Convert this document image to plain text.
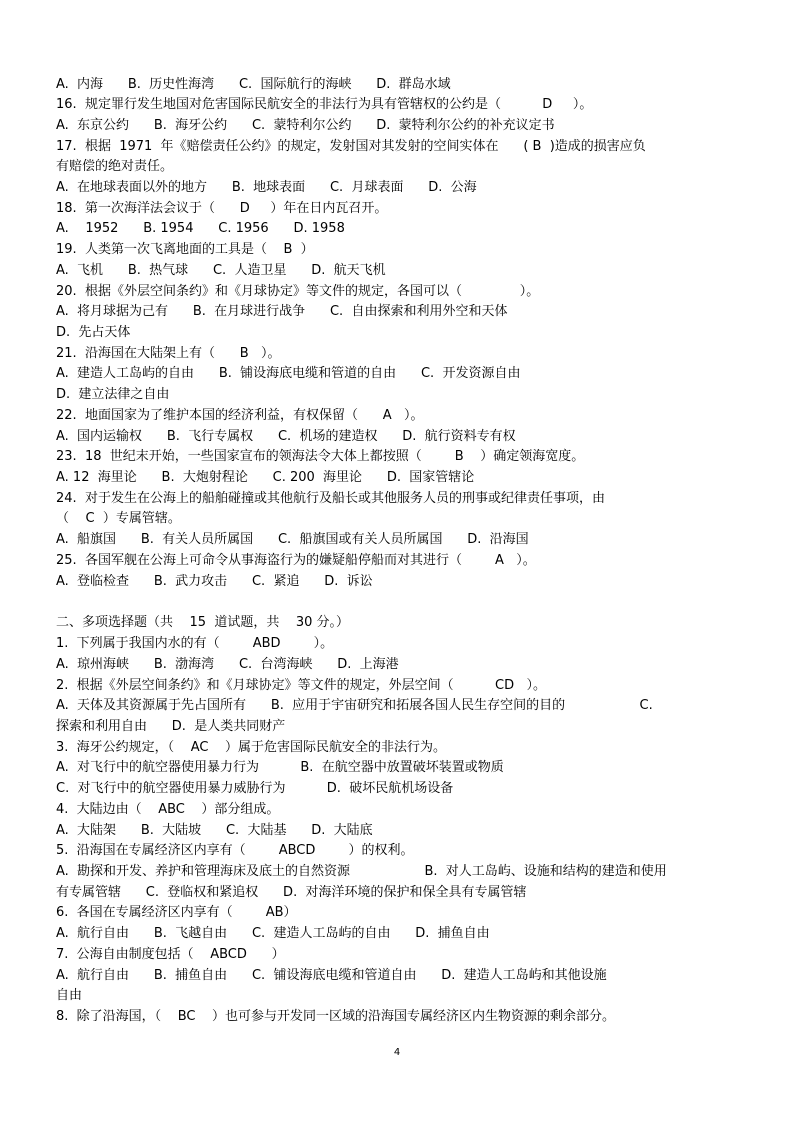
A.  内海      B.  历史性海湾      C.  国际航行的海峡      D.  群岛水域
16.  规定罪行发生地国对危害国际民航安全的非法行为具有管辖权的公约是（          D     ）。
A.  东京公约      B.  海牙公约      C.  蒙特利尔公约      D.  蒙特利尔公约的补充议定书
17.  根据  1971  年《赔偿责任公约》的规定，发射国对其发射的空间实体在      ( B  )造成的损害应负
有赔偿的绝对责任。
A.  在地球表面以外的地方      B.  地球表面      C.  月球表面      D.  公海
18.  第一次海洋法会议于（      D     ）年在日内瓦召开。
A.    1952      B. 1954      C. 1956      D. 1958
19.  人类第一次飞离地面的工具是（    B  ）
A.  飞机      B.  热气球      C.  人造卫星      D.  航天飞机
20.  根据《外层空间条约》和《月球协定》等文件的规定，各国可以（              ）。
A.  将月球据为己有      B.  在月球进行战争      C.  自由探索和利用外空和天体
D.  先占天体
21.  沿海国在大陆架上有（      B   ）。
A.  建造人工岛屿的自由      B.  铺设海底电缆和管道的自由      C.  开发资源自由
D.  建立法律之自由
22.  地面国家为了维护本国的经济利益，有权保留（      A   ）。
A.  国内运输权      B.  飞行专属权      C.  机场的建造权      D.  航行资料专有权
23.  18  世纪末开始，一些国家宣布的领海法令大体上都按照（        B    ）确定领海宽度。
A. 12  海里论      B.  大炮射程论      C. 200  海里论      D.  国家管辖论
24.  对于发生在公海上的船舶碰撞或其他航行及船长或其他服务人员的刑事或纪律责任事项，由
（    C  ）专属管辖。
A.  船旗国      B.  有关人员所属国      C.  船旗国或有关人员所属国      D.  沿海国
25.  各国军舰在公海上可命令从事海盗行为的嫌疑船停船而对其进行（        A   ）。
A.  登临检查      B.  武力攻击      C.  紧追      D.  诉讼
二、多项选择题（共    15  道试题，共    30 分。）
1.  下列属于我国内水的有（        ABD        ）。
A.  琼州海峡      B.  渤海湾      C.  台湾海峡      D.  上海港
2.  根据《外层空间条约》和《月球协定》等文件的规定，外层空间（          CD   ）。
A.  天体及其资源属于先占国所有      B.  应用于宇宙研究和拓展各国人民生存空间的目的                  C.
探索和利用自由      D.  是人类共同财产
3.  海牙公约规定，（    AC    ）属于危害国际民航安全的非法行为。
A.  对飞行中的航空器使用暴力行为          B.  在航空器中放置破坏装置或物质
C.  对飞行中的航空器使用暴力威胁行为          D.  破坏民航机场设备
4.  大陆边由（    ABC    ）部分组成。
A.  大陆架      B.  大陆坡      C.  大陆基      D.  大陆底
5.  沿海国在专属经济区内享有（        ABCD        ）的权利。
A.  勘探和开发、养护和管理海床及底土的自然资源                  B.  对人工岛屿、设施和结构的建造和使用
有专属管辖      C.  登临权和紧追权      D.  对海洋环境的保护和保全具有专属管辖
6.  各国在专属经济区内享有（        AB）
A.  航行自由      B.  飞越自由      C.  建造人工岛屿的自由      D.  捕鱼自由
7.  公海自由制度包括（    ABCD      ）
A.  航行自由      B.  捕鱼自由      C.  铺设海底电缆和管道自由      D.  建造人工岛屿和其他设施
自由
8.  除了沿海国，（    BC    ）也可参与开发同一区域的沿海国专属经济区内生物资源的剩余部分。
4
